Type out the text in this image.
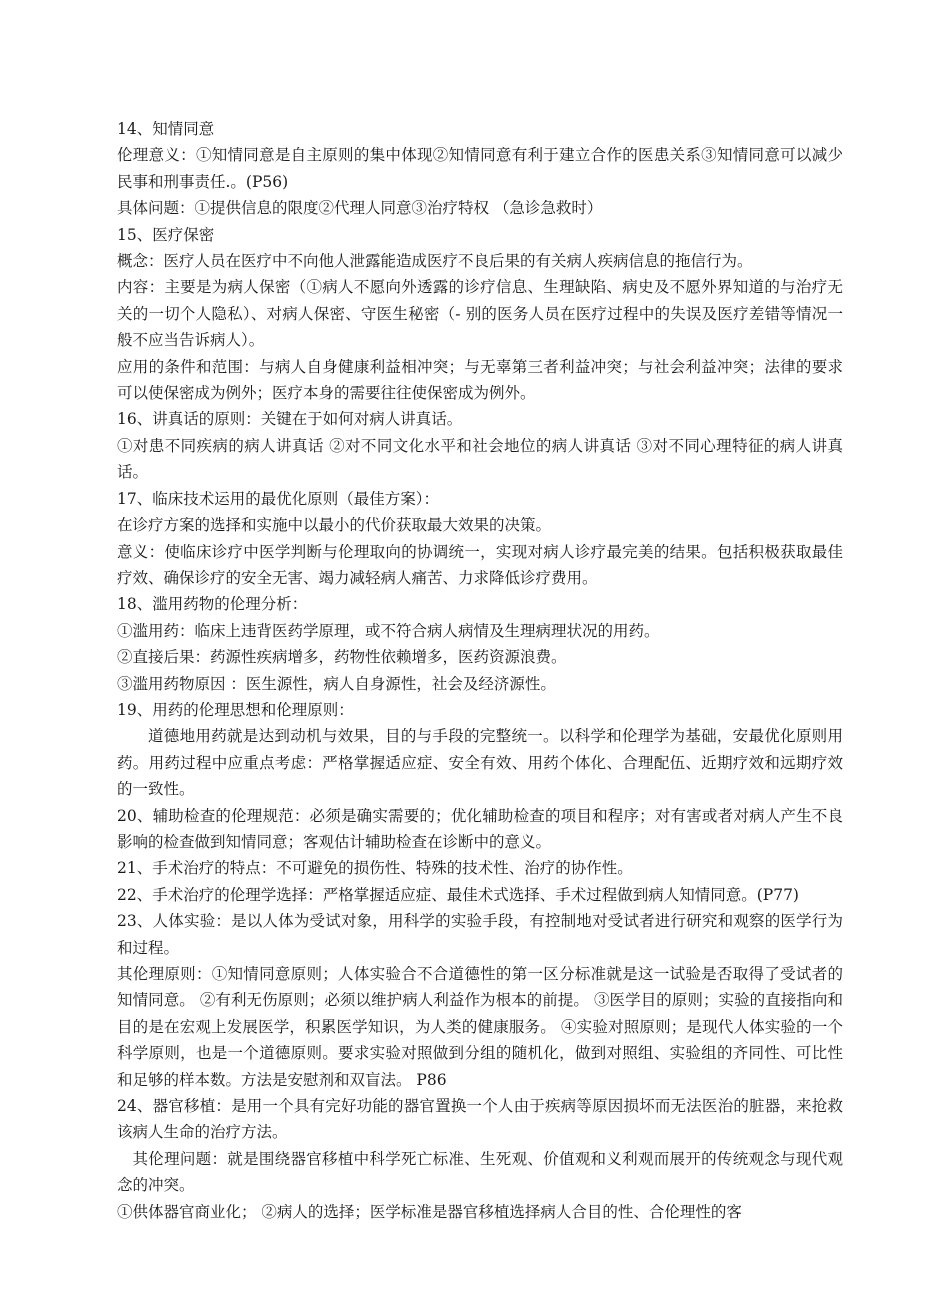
14、知情同意
伦理意义：①知情同意是自主原则的集中体现②知情同意有利于建立合作的医患关系③知情同意可以减少民事和刑事责任.。(P56)
具体问题：①提供信息的限度②代理人同意③治疗特权 （急诊急救时）
15、医疗保密
概念：医疗人员在医疗中不向他人泄露能造成医疗不良后果的有关病人疾病信息的拖信行为。
内容：主要是为病人保密（①病人不愿向外透露的诊疗信息、生理缺陷、病史及不愿外界知道的与治疗无关的一切个人隐私）、对病人保密、守医生秘密（- 别的医务人员在医疗过程中的失误及医疗差错等情况一般不应当告诉病人）。
应用的条件和范围：与病人自身健康利益相冲突；与无辜第三者利益冲突；与社会利益冲突；法律的要求可以使保密成为例外；医疗本身的需要往往使保密成为例外。
16、讲真话的原则：关键在于如何对病人讲真话。
①对患不同疾病的病人讲真话 ②对不同文化水平和社会地位的病人讲真话 ③对不同心理特征的病人讲真话。
17、临床技术运用的最优化原则（最佳方案）：
在诊疗方案的选择和实施中以最小的代价获取最大效果的决策。
意义：使临床诊疗中医学判断与伦理取向的协调统一，实现对病人诊疗最完美的结果。包括积极获取最佳疗效、确保诊疗的安全无害、竭力减轻病人痛苦、力求降低诊疗费用。
18、滥用药物的伦理分析：
①滥用药：临床上违背医药学原理，或不符合病人病情及生理病理状况的用药。
②直接后果：药源性疾病增多，药物性依赖增多，医药资源浪费。
③滥用药物原因 ：医生源性，病人自身源性，社会及经济源性。
19、用药的伦理思想和伦理原则：
道德地用药就是达到动机与效果，目的与手段的完整统一。以科学和伦理学为基础，安最优化原则用药。用药过程中应重点考虑：严格掌握适应症、安全有效、用药个体化、合理配伍、近期疗效和远期疗效的一致性。
20、辅助检查的伦理规范：必须是确实需要的；优化辅助检查的项目和程序；对有害或者对病人产生不良影响的检查做到知情同意；客观估计辅助检查在诊断中的意义。
21、手术治疗的特点：不可避免的损伤性、特殊的技术性、治疗的协作性。
22、手术治疗的伦理学选择：严格掌握适应症、最佳术式选择、手术过程做到病人知情同意。(P77)
23、人体实验：是以人体为受试对象，用科学的实验手段，有控制地对受试者进行研究和观察的医学行为和过程。
其伦理原则：①知情同意原则；人体实验合不合道德性的第一区分标准就是这一试验是否取得了受试者的知情同意。 ②有利无伤原则；必须以维护病人利益作为根本的前提。 ③医学目的原则；实验的直接指向和目的是在宏观上发展医学，积累医学知识，为人类的健康服务。 ④实验对照原则；是现代人体实验的一个科学原则，也是一个道德原则。要求实验对照做到分组的随机化，做到对照组、实验组的齐同性、可比性和足够的样本数。方法是安慰剂和双盲法。 P86
24、器官移植：是用一个具有完好功能的器官置换一个人由于疾病等原因损坏而无法医治的脏器，来抢救该病人生命的治疗方法。
其伦理问题：就是围绕器官移植中科学死亡标准、生死观、价值观和义利观而展开的传统观念与现代观念的冲突。
①供体器官商业化； ②病人的选择；医学标准是器官移植选择病人合目的性、合伦理性的客
